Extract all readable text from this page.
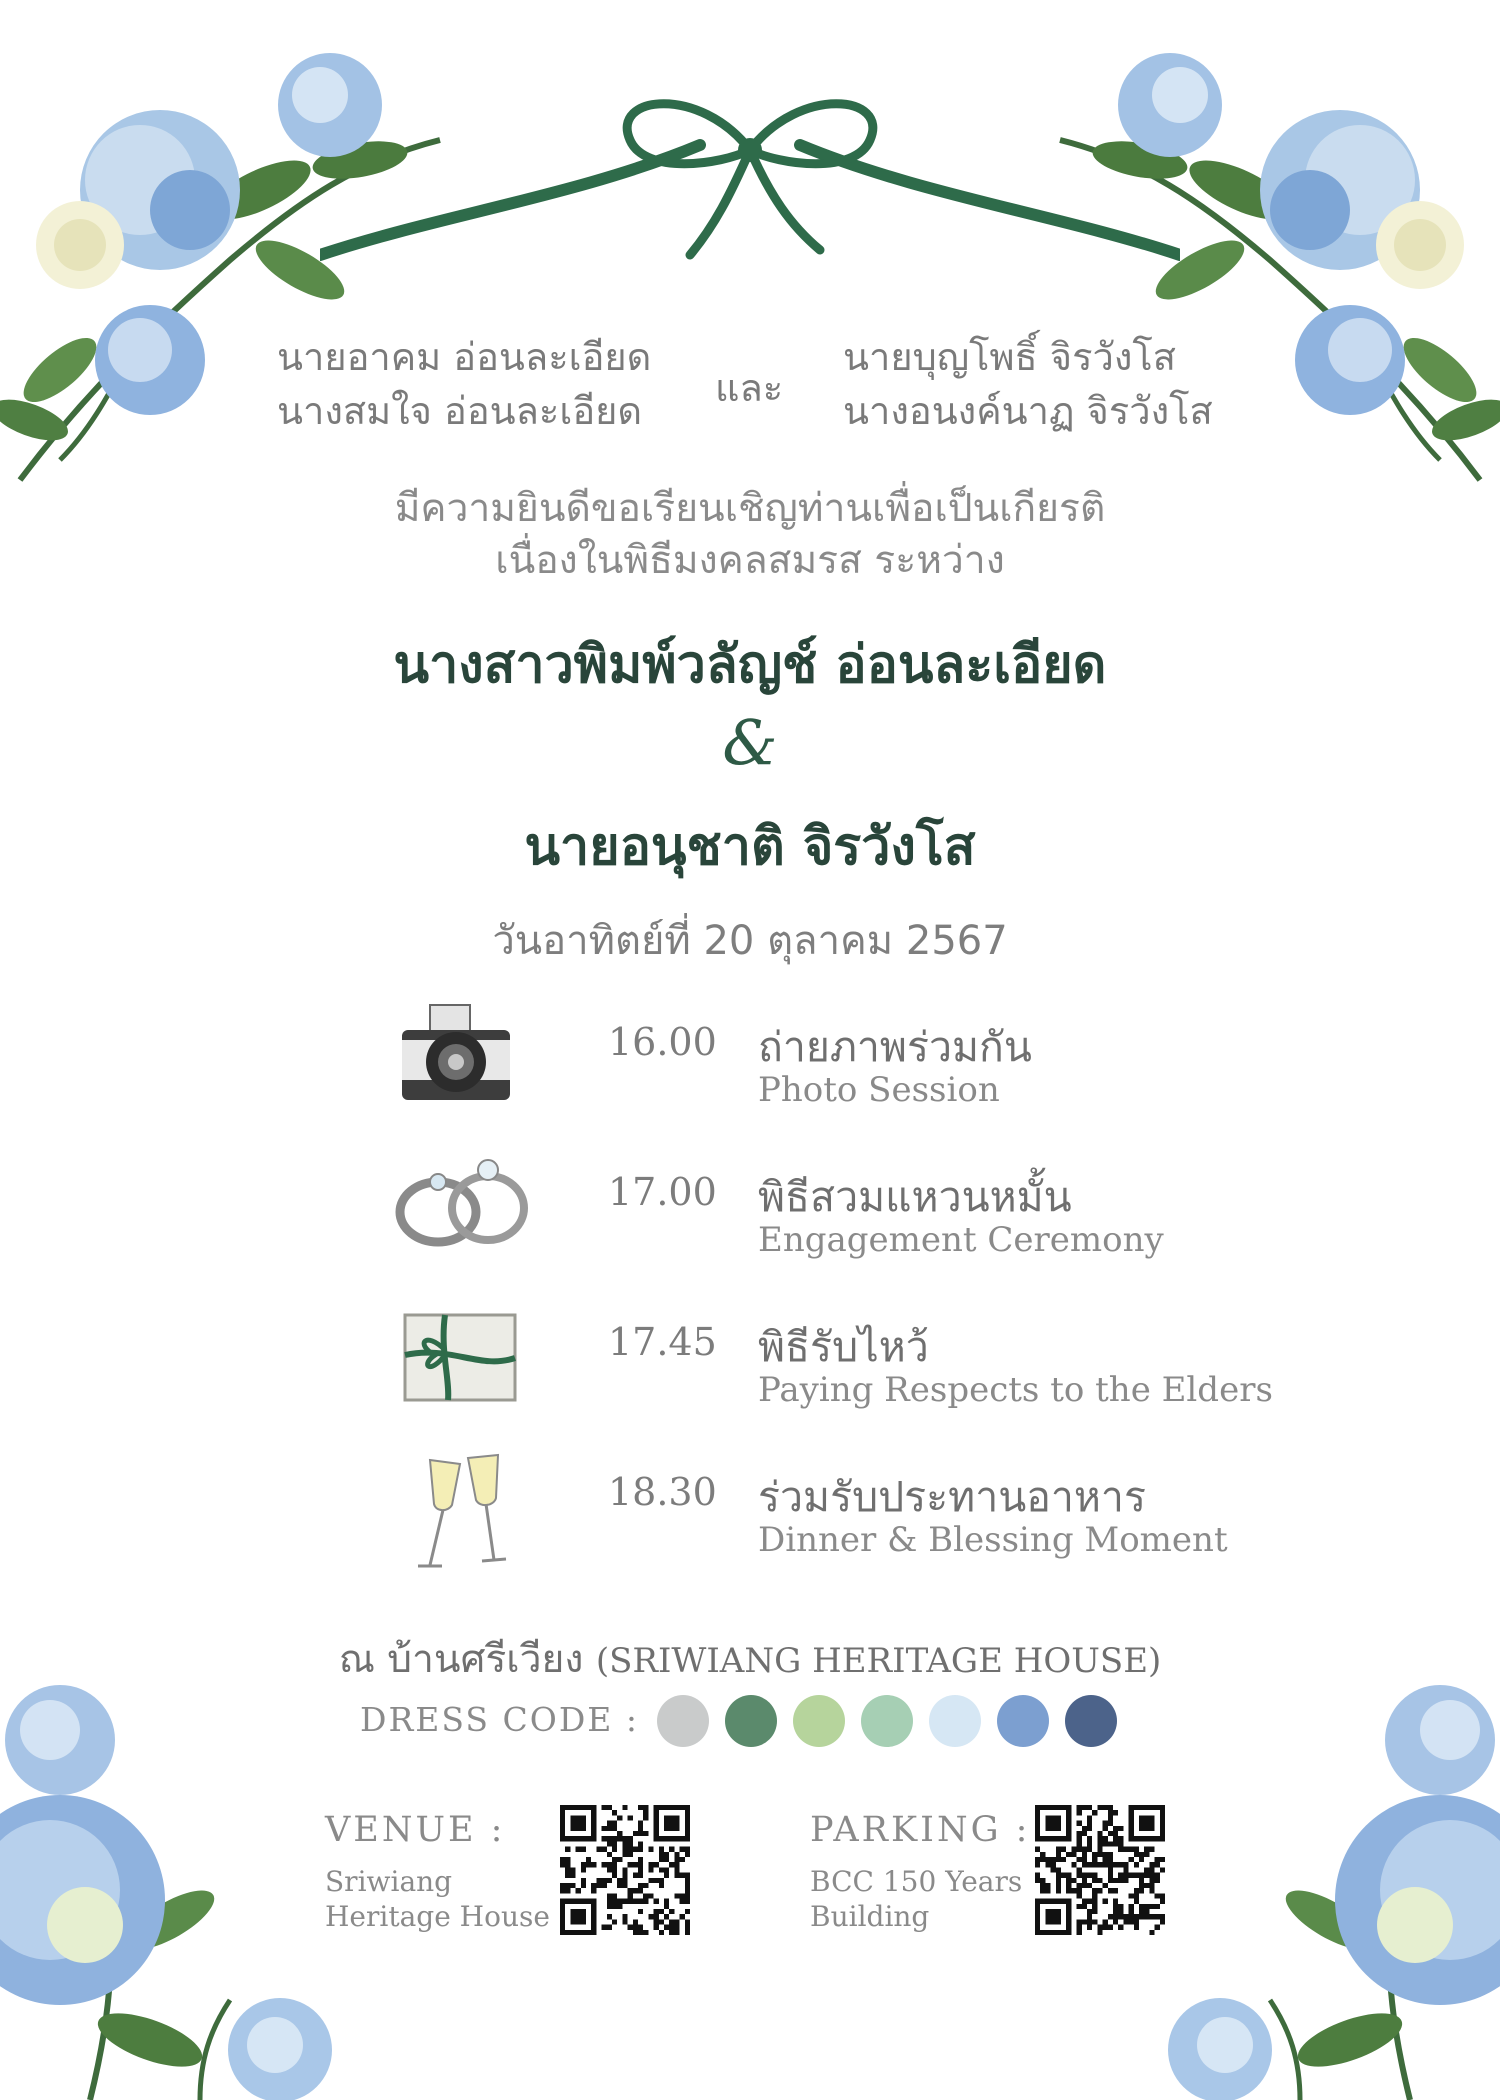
นายอาคม อ่อนละเอียด
นางสมใจ อ่อนละเอียด
และ
นายบุญโพธิ์ จิรวังโส
นางอนงค์นาฏ จิรวังโส
มีความยินดีขอเรียนเชิญท่านเพื่อเป็นเกียรติ
เนื่องในพิธีมงคลสมรส ระหว่าง
นางสาวพิมพ์วลัญช์ อ่อนละเอียด
&
นายอนุชาติ จิรวังโส
วันอาทิตย์ที่ 20 ตุลาคม 2567
16.00 ถ่ายภาพร่วมกัน
Photo Session
17.00 พิธีสวมแหวนหมั้น
Engagement Ceremony
17.45 พิธีรับไหว้
Paying Respects to the Elders
18.30 ร่วมรับประทานอาหาร
Dinner & Blessing Moment
ณ บ้านศรีเวียง (SRIWIANG HERITAGE HOUSE)
DRESS CODE :
VENUE :
Sriwiang
Heritage House
PARKING :
BCC 150 Years
Building
